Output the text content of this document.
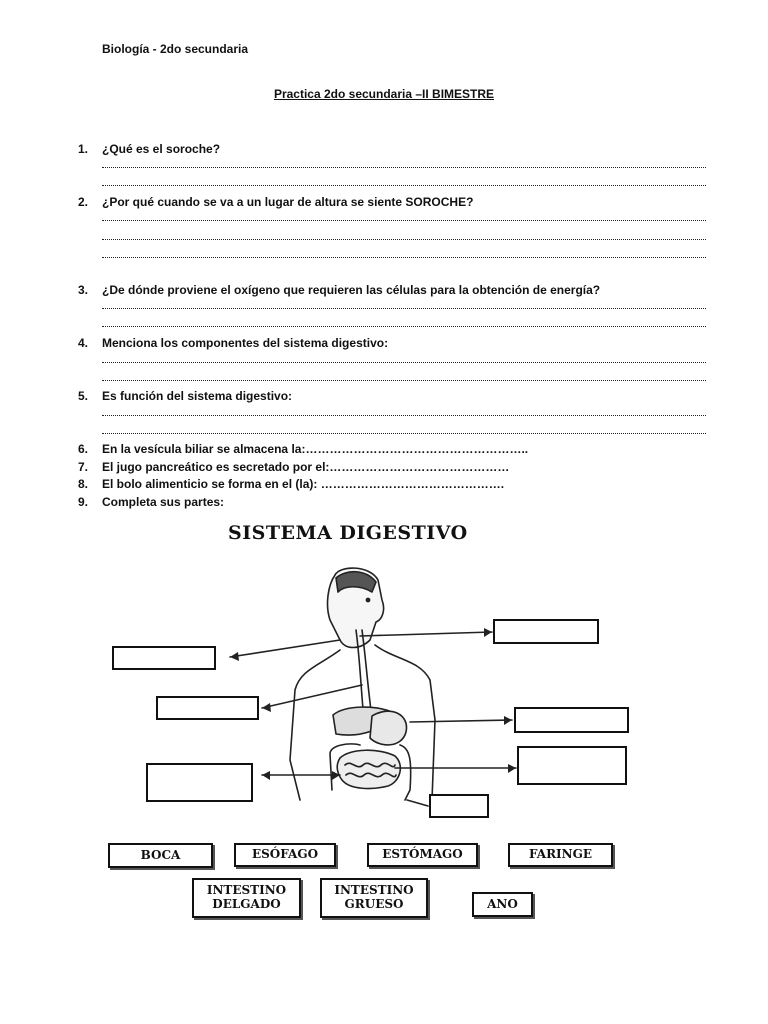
Biología - 2do secundaria
Practica 2do secundaria –II BIMESTRE
1. ¿Qué es el soroche?
2. ¿Por qué cuando se va a un lugar de altura se siente SOROCHE?
3. ¿De dónde proviene el oxígeno que requieren las células para la obtención de energía?
4. Menciona los componentes del sistema digestivo:
5. Es función del sistema digestivo:
6. En la vesícula biliar se almacena la:………………………………………………..
7. El jugo pancreático es secretado por el:………………………………………
8. El bolo alimenticio se forma en el (la): ……………………………………….
9. Completa sus partes:
SISTEMA DIGESTIVO
BOCA	ESÓFAGO	ESTÓMAGO	FARINGE
INTESTINO DELGADO
INTESTINO GRUESO	ANO
